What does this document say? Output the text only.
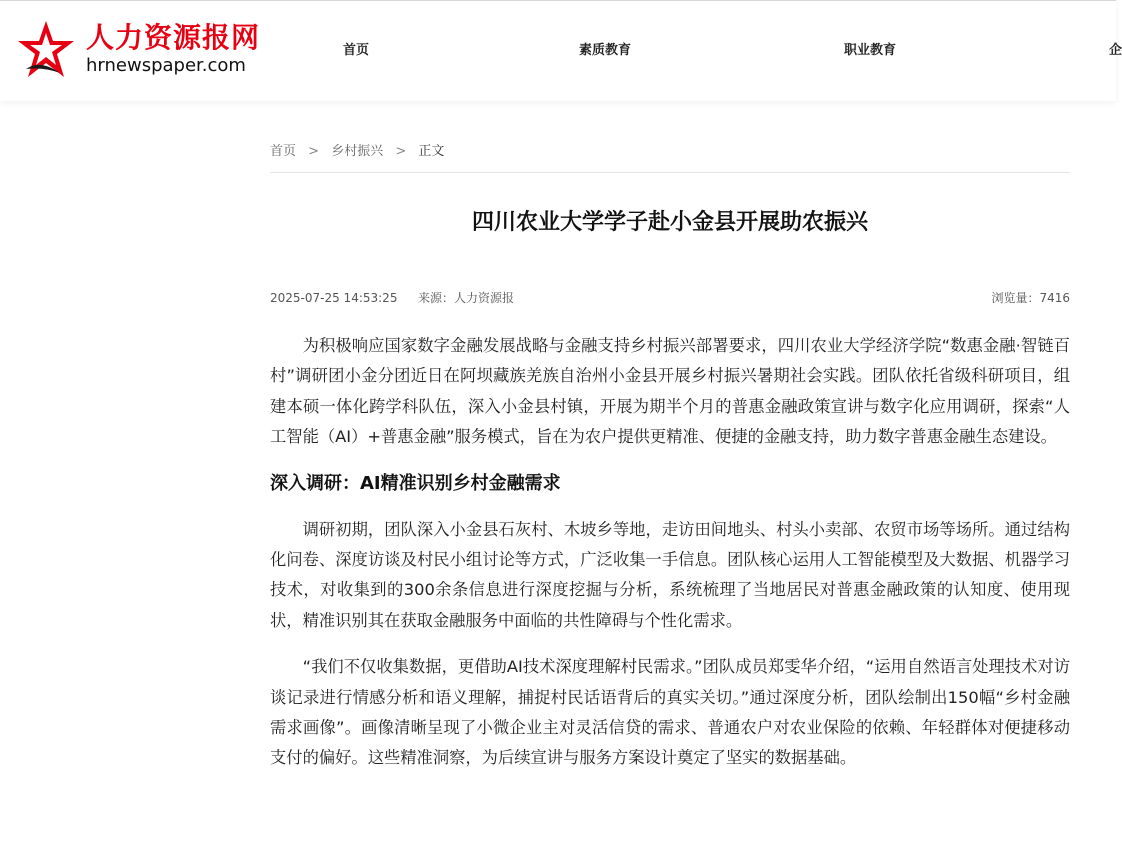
人力资源报网
hrnewspaper.com
首页	素质教育	职业教育	企
首页 > 乡村振兴 > 正文
四川农业大学学子赴小金县开展助农振兴
2025-07-25 14:53:25 来源：人力资源报	浏览量：7416

为积极响应国家数字金融发展战略与金融支持乡村振兴部署要求，四川农业大学经济学院“数惠金融·智链百村”调研团小金分团近日在阿坝藏族羌族自治州小金县开展乡村振兴暑期社会实践。团队依托省级科研项目，组建本硕一体化跨学科队伍，深入小金县村镇，开展为期半个月的普惠金融政策宣讲与数字化应用调研，探索“人工智能（AI）+普惠金融”服务模式，旨在为农户提供更精准、便捷的金融支持，助力数字普惠金融生态建设。

深入调研：AI精准识别乡村金融需求

调研初期，团队深入小金县石灰村、木坡乡等地，走访田间地头、村头小卖部、农贸市场等场所。通过结构化问卷、深度访谈及村民小组讨论等方式，广泛收集一手信息。团队核心运用人工智能模型及大数据、机器学习技术，对收集到的300余条信息进行深度挖掘与分析，系统梳理了当地居民对普惠金融政策的认知度、使用现状，精准识别其在获取金融服务中面临的共性障碍与个性化需求。

“我们不仅收集数据，更借助AI技术深度理解村民需求。”团队成员郑雯华介绍，“运用自然语言处理技术对访谈记录进行情感分析和语义理解，捕捉村民话语背后的真实关切。”通过深度分析，团队绘制出150幅“乡村金融需求画像”。画像清晰呈现了小微企业主对灵活信贷的需求、普通农户对农业保险的依赖、年轻群体对便捷移动支付的偏好。这些精准洞察，为后续宣讲与服务方案设计奠定了坚实的数据基础。
